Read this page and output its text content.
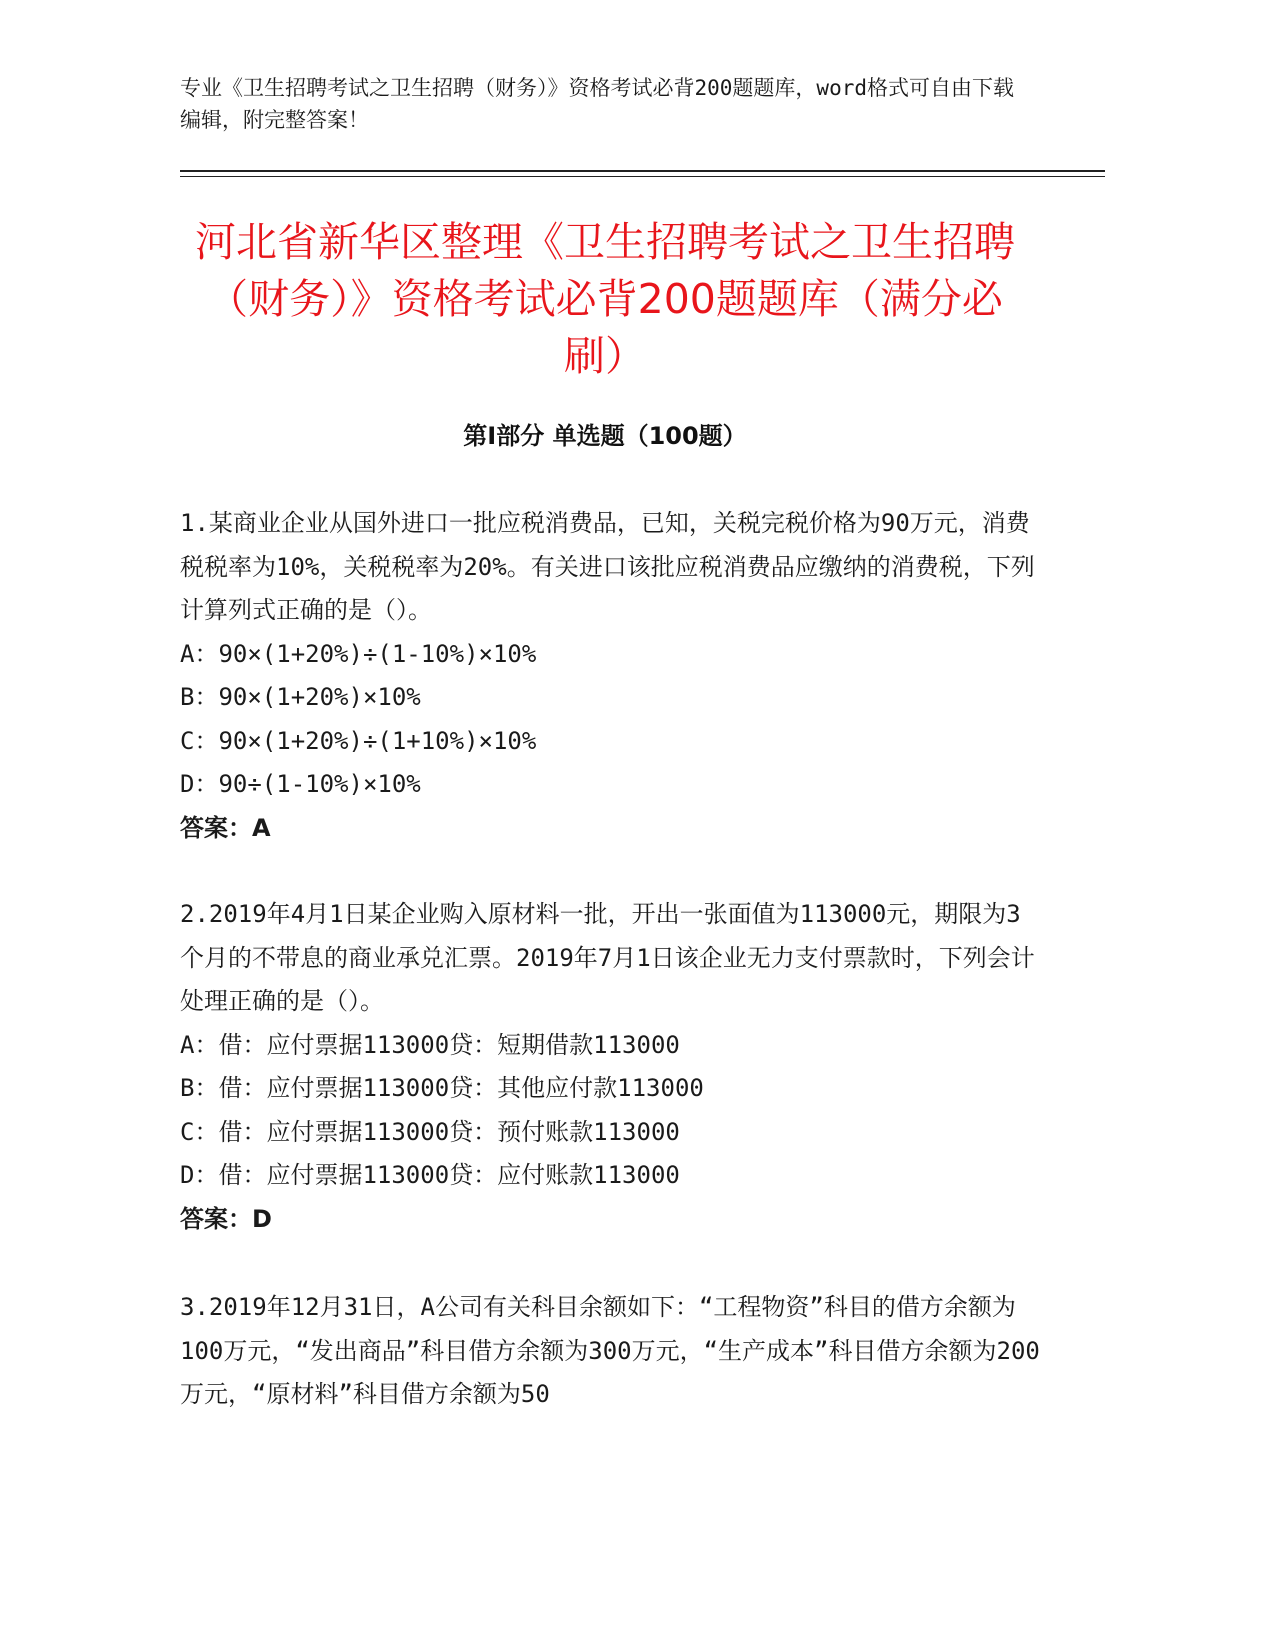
专业《卫生招聘考试之卫生招聘（财务）》资格考试必背200题题库，word格式可自由下载编辑，附完整答案！
河北省新华区整理《卫生招聘考试之卫生招聘（财务）》资格考试必背200题题库（满分必刷）
第Ⅰ部分 单选题（100题）

1.某商业企业从国外进口一批应税消费品，已知，关税完税价格为90万元，消费税税率为10%，关税税率为20%。有关进口该批应税消费品应缴纳的消费税，下列计算列式正确的是（）。

A：90×(1+20%)÷(1-10%)×10%

B：90×(1+20%)×10%

C：90×(1+20%)÷(1+10%)×10%

D：90÷(1-10%)×10%

答案：A

2.2019年4月1日某企业购入原材料一批，开出一张面值为113000元，期限为3个月的不带息的商业承兑汇票。2019年7月1日该企业无力支付票款时，下列会计处理正确的是（）。

A：借：应付票据113000贷：短期借款113000

B：借：应付票据113000贷：其他应付款113000

C：借：应付票据113000贷：预付账款113000

D：借：应付票据113000贷：应付账款113000

答案：D

3.2019年12月31日，A公司有关科目余额如下：“工程物资”科目的借方余额为100万元，“发出商品”科目借方余额为300万元，“生产成本”科目借方余额为200万元，“原材料”科目借方余额为50
